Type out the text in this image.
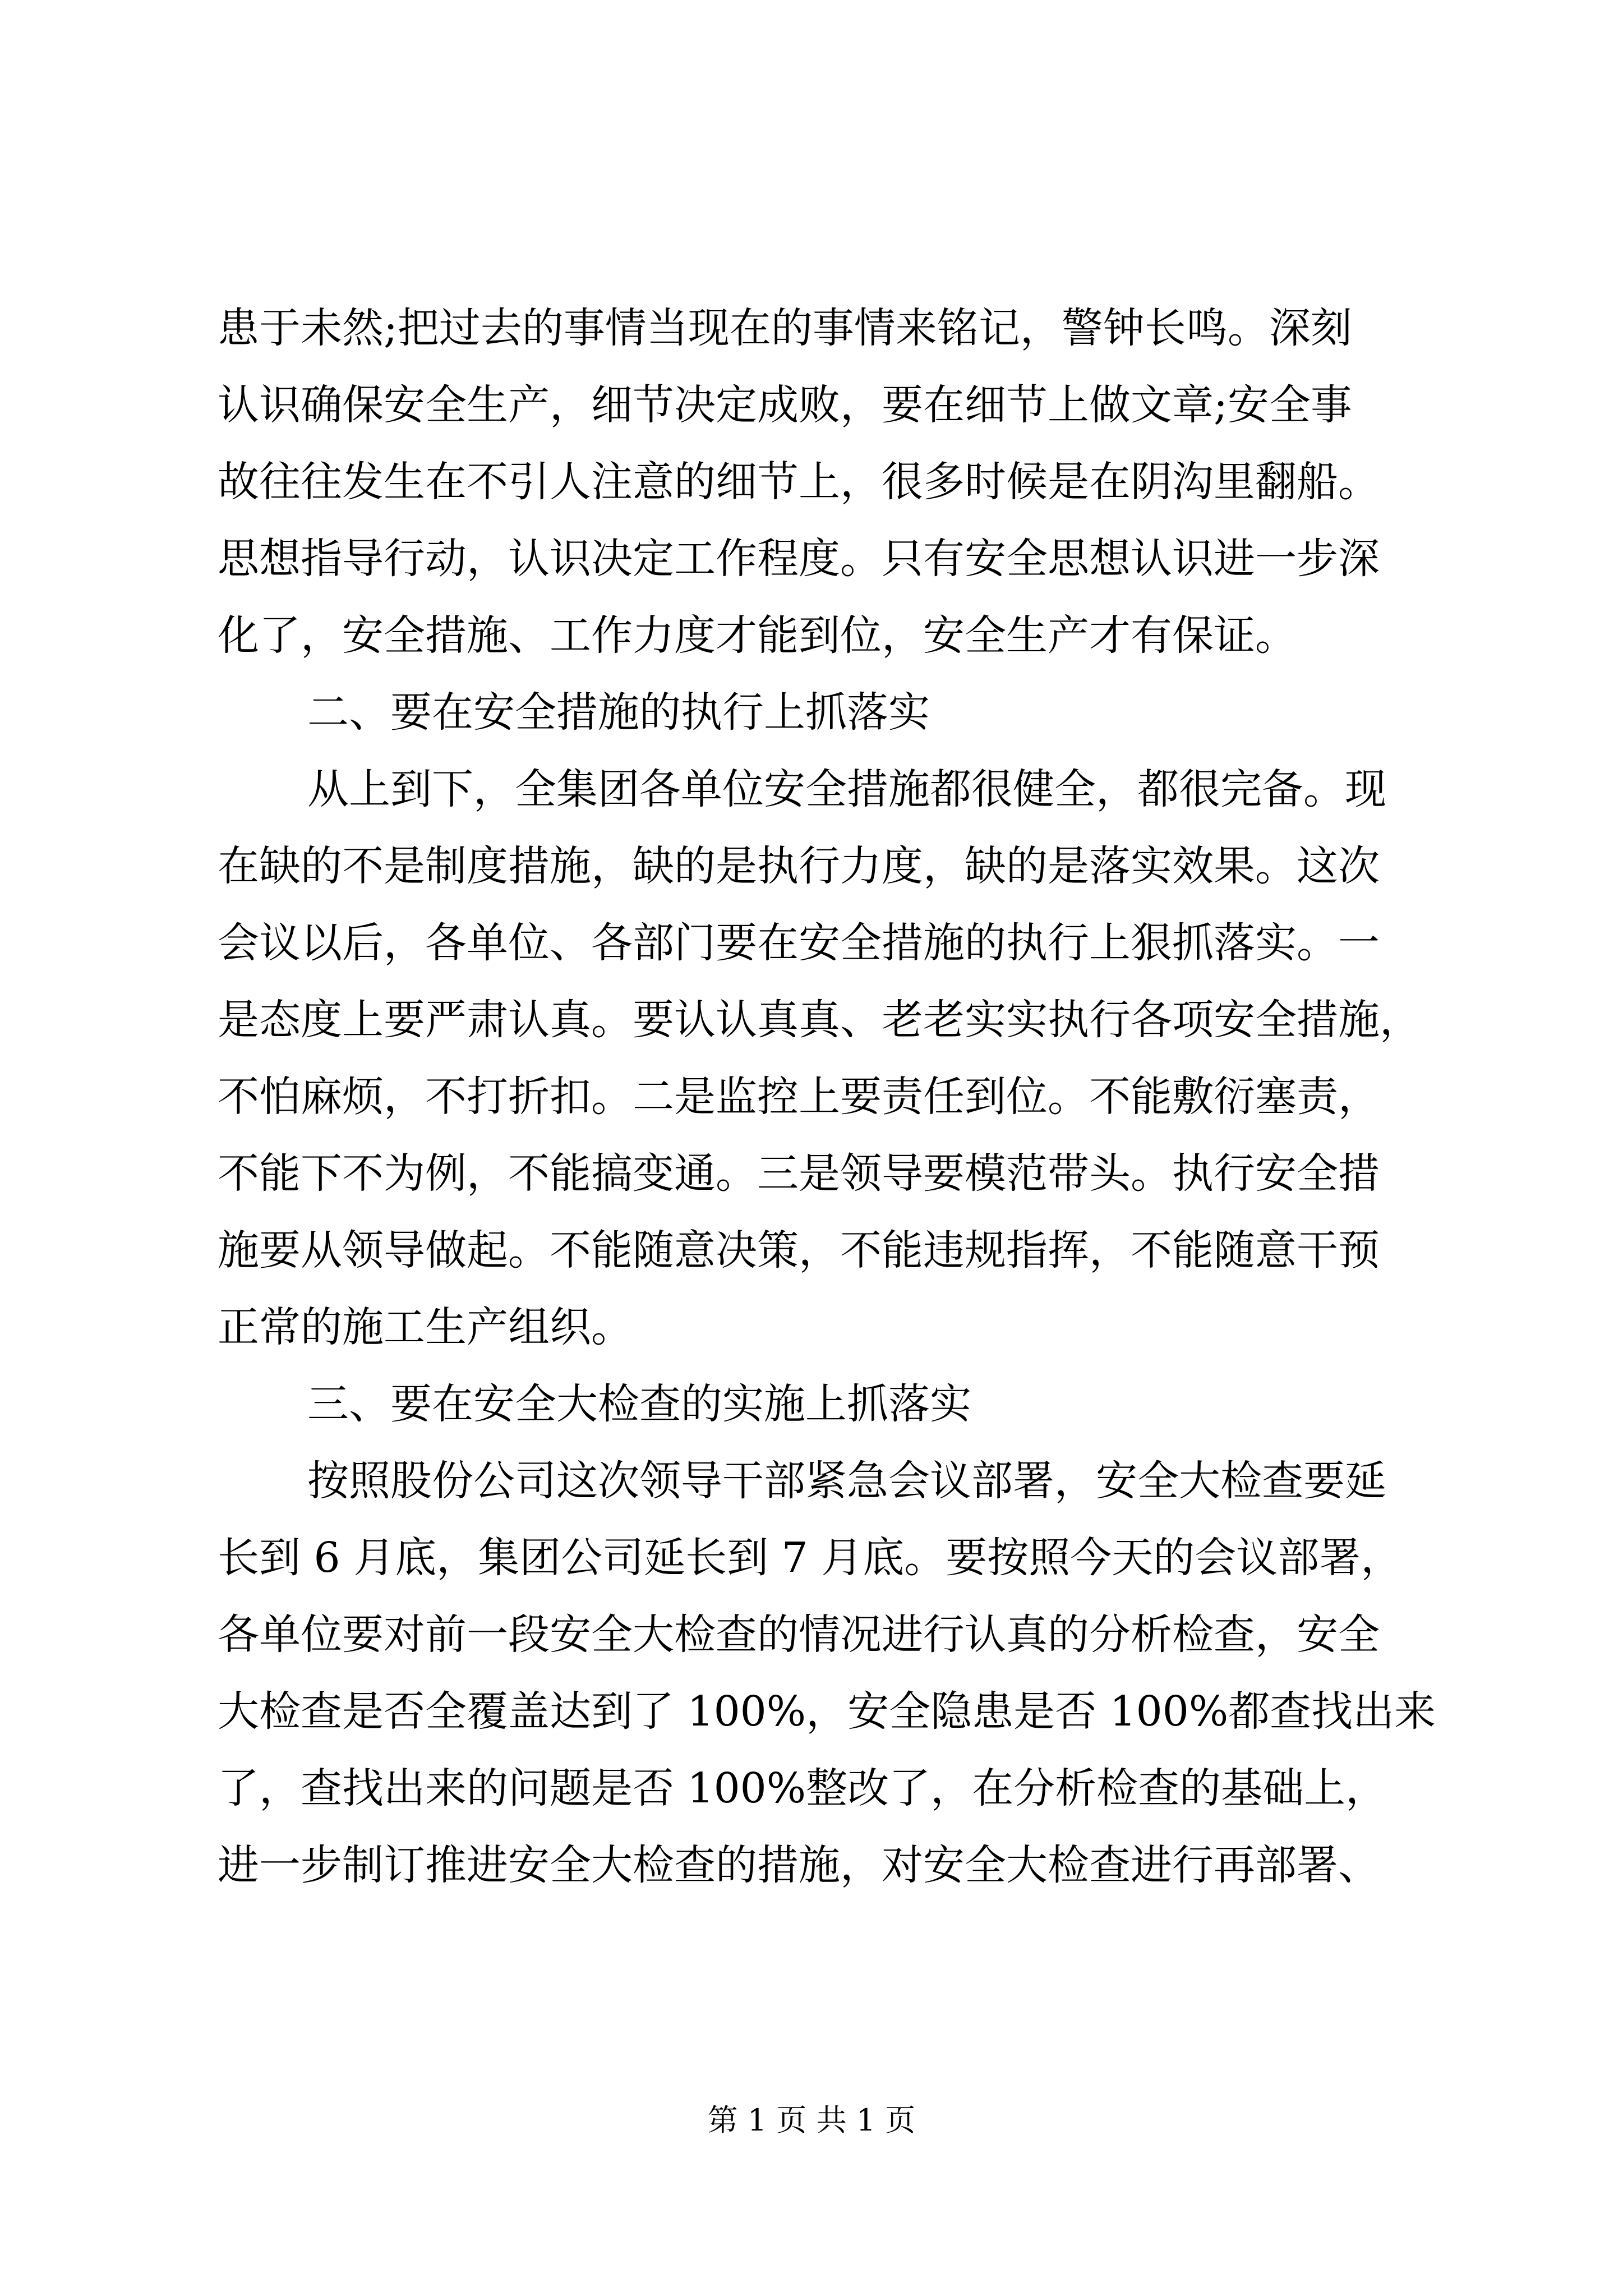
患于未然;把过去的事情当现在的事情来铭记，警钟长鸣。深刻
认识确保安全生产，细节决定成败，要在细节上做文章;安全事
故往往发生在不引人注意的细节上，很多时候是在阴沟里翻船。
思想指导行动，认识决定工作程度。只有安全思想认识进一步深
化了，安全措施、工作力度才能到位，安全生产才有保证。
二、要在安全措施的执行上抓落实
从上到下，全集团各单位安全措施都很健全，都很完备。现
在缺的不是制度措施，缺的是执行力度，缺的是落实效果。这次
会议以后，各单位、各部门要在安全措施的执行上狠抓落实。一
是态度上要严肃认真。要认认真真、老老实实执行各项安全措施，
不怕麻烦，不打折扣。二是监控上要责任到位。不能敷衍塞责，
不能下不为例，不能搞变通。三是领导要模范带头。执行安全措
施要从领导做起。不能随意决策，不能违规指挥，不能随意干预
正常的施工生产组织。
三、要在安全大检查的实施上抓落实
按照股份公司这次领导干部紧急会议部署，安全大检查要延
长到 6 月底，集团公司延长到 7 月底。要按照今天的会议部署，
各单位要对前一段安全大检查的情况进行认真的分析检查，安全
大检查是否全覆盖达到了 100%，安全隐患是否 100%都查找出来
了，查找出来的问题是否 100%整改了，在分析检查的基础上，
进一步制订推进安全大检查的措施，对安全大检查进行再部署、
第 1 页 共 1 页
